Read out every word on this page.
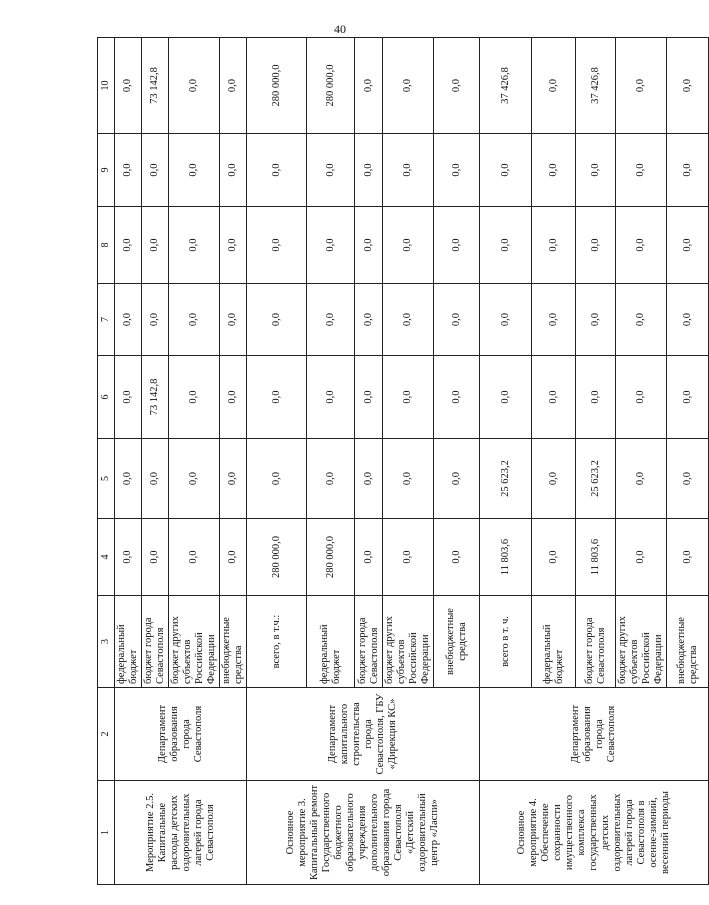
40
1	2	3	4	5	6	7	8	9	10
Мероприятие 2.5. Капитальные расходы детских оздоровительных лагерей города Севастополя	Департамент образования города Севастополя	федеральный бюджет	0,0	0,0	0,0	0,0	0,0	0,0	0,0
		бюджет города Севастополя	0,0	0,0	73 142,8	0,0	0,0	0,0	73 142,8
		бюджет других субъектов Российской Федерации	0,0	0,0	0,0	0,0	0,0	0,0	0,0
		внебюджетные средства	0,0	0,0	0,0	0,0	0,0	0,0	0,0
Основное мероприятие 3. Капитальный ремонт Государственного бюджетного образовательного учреждения дополнительного образования города Севастополя «Детский оздоровительный центр «Ласпи»	Департамент капитального строительства города Севастополя, ГБУ «Дирекция КС»	всего, в т.ч.:	280 000,0	0,0	0,0	0,0	0,0	0,0	280 000,0
		федеральный бюджет	280 000,0	0,0	0,0	0,0	0,0	0,0	280 000,0
		бюджет города Севастополя	0,0	0,0	0,0	0,0	0,0	0,0	0,0
		бюджет других субъектов Российской Федерации	0,0	0,0	0,0	0,0	0,0	0,0	0,0
		внебюджетные средства	0,0	0,0	0,0	0,0	0,0	0,0	0,0
Основное мероприятие 4. Обеспечение сохранности имущественного комплекса государственных детских оздоровительных лагерей города Севастополя в осенне-зимний, весенний периоды	Департамент образования города Севастополя	всего в т. ч.	11 803,6	25 623,2	0,0	0,0	0,0	0,0	37 426,8
		федеральный бюджет	0,0	0,0	0,0	0,0	0,0	0,0	0,0
		бюджет города Севастополя	11 803,6	25 623,2	0,0	0,0	0,0	0,0	37 426,8
		бюджет других субъектов Российской Федерации	0,0	0,0	0,0	0,0	0,0	0,0	0,0
		внебюджетные средства	0,0	0,0	0,0	0,0	0,0	0,0	0,0
